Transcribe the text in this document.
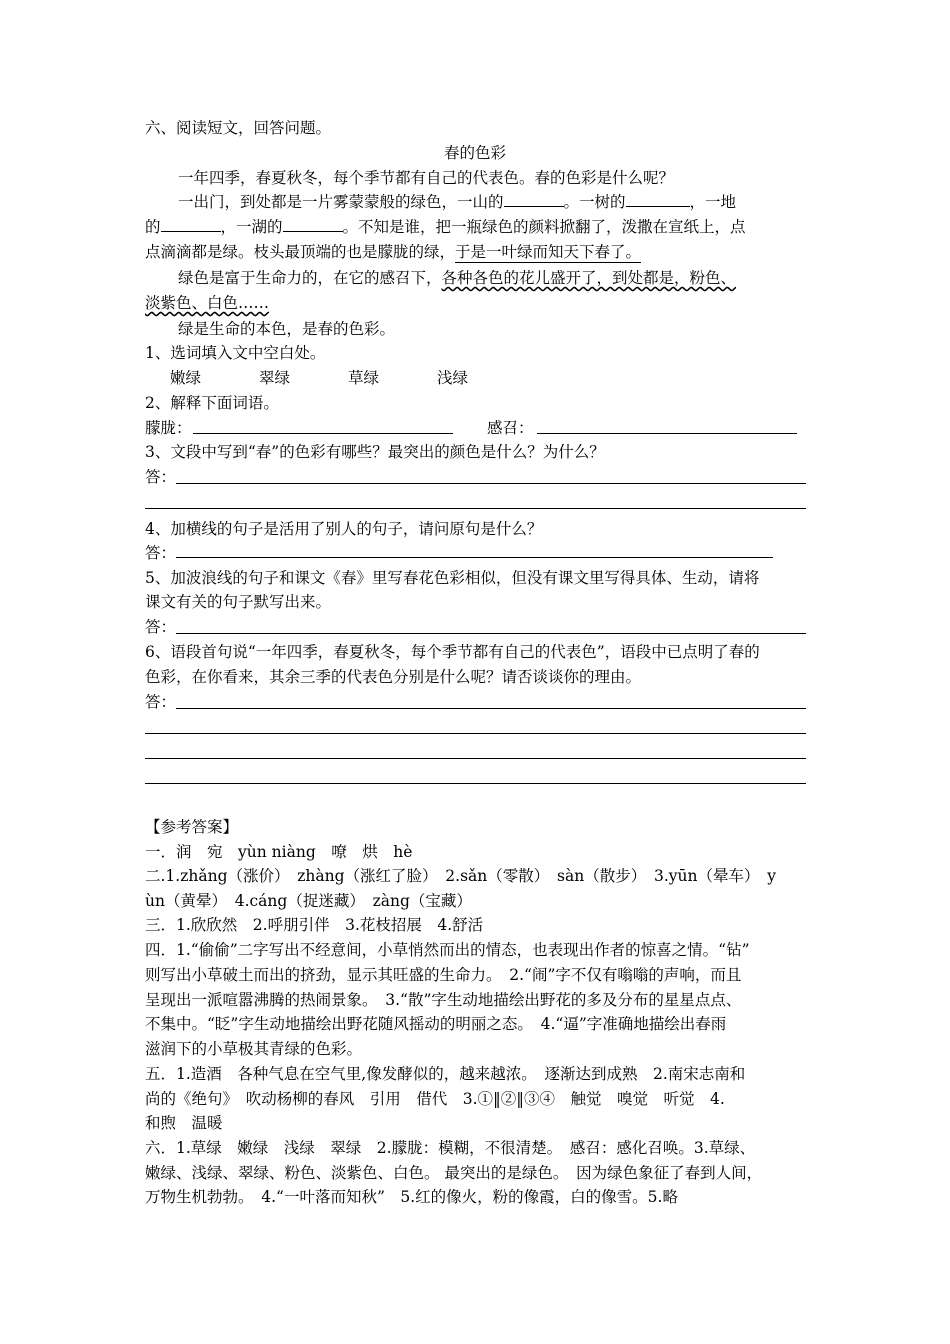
六、阅读短文，回答问题。
春的色彩
一年四季，春夏秋冬，每个季节都有自己的代表色。春的色彩是什么呢？
一出门，到处都是一片雾蒙蒙般的绿色，一山的	。一树的	，一地
的	，一湖的	。不知是谁，把一瓶绿色的颜料掀翻了，泼撒在宣纸上，点
点滴滴都是绿。枝头最顶端的也是朦胧的绿，于是一叶绿而知天下春了。
绿色是富于生命力的，在它的感召下，各种各色的花儿盛开了，到处都是，粉色、
淡紫色、白色……
绿是生命的本色，是春的色彩。
1、选词填入文中空白处。
嫩绿	翠绿	草绿	浅绿
2、解释下面词语。
朦胧：	感召：
3、文段中写到“春”的色彩有哪些？最突出的颜色是什么？为什么？
答：
4、加横线的句子是活用了别人的句子，请问原句是什么？
答：
5、加波浪线的句子和课文《春》里写春花色彩相似，但没有课文里写得具体、生动，请将
课文有关的句子默写出来。
答：
6、语段首句说“一年四季，春夏秋冬，每个季节都有自己的代表色”，语段中已点明了春的
色彩，在你看来，其余三季的代表色分别是什么呢？请否谈谈你的理由。
答：
【参考答案】
一．润　宛　yùn niàng　嘹　烘　hè
二.1.zhǎng（涨价）　zhàng（涨红了脸）　2.sǎn（零散）　sàn（散步）　3.yūn（晕车）　y
ùn（黄晕）　4.cáng（捉迷藏）　zàng（宝藏）
三．1.欣欣然　2.呼朋引伴　3.花枝招展　4.舒活
四．1.“偷偷”二字写出不经意间，小草悄然而出的情态，也表现出作者的惊喜之情。“钻”
则写出小草破土而出的挤劲，显示其旺盛的生命力。　2.“闹”字不仅有嗡嗡的声响，而且
呈现出一派喧嚣沸腾的热闹景象。　3.“散”字生动地描绘出野花的多及分布的星星点点、
不集中。“眨”字生动地描绘出野花随风摇动的明丽之态。　4.“逼”字准确地描绘出春雨
滋润下的小草极其青绿的色彩。
五．1.造酒　各种气息在空气里,像发酵似的，越来越浓。　逐渐达到成熟　2.南宋志南和
尚的《绝句》　吹动杨柳的春风　引用　借代　3.①‖②‖③④　触觉　嗅觉　听觉　4.
和煦　温暖
六．1.草绿　嫩绿　浅绿　翠绿　2.朦胧：模糊，不很清楚。　感召：感化召唤。3.草绿、
嫩绿、浅绿、翠绿、粉色、淡紫色、白色。 最突出的是绿色。　因为绿色象征了春到人间，
万物生机勃勃。　4.“一叶落而知秋”　5.红的像火，粉的像霞，白的像雪。5.略
